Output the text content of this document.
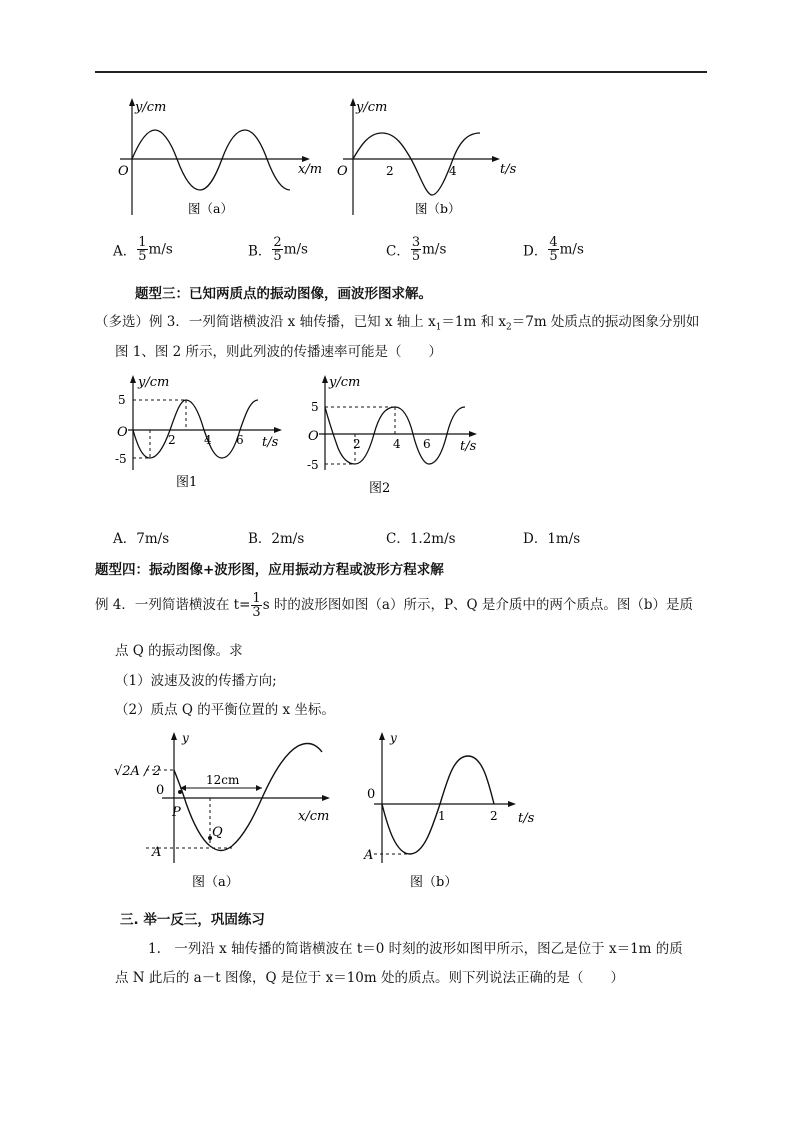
y/cm
O	x/m
图（a）
y/cm
O	2	4	t/s
图（b）
A． $\frac{1}{5} m/s$	B． $\frac{2}{5} m/s$	C． $\frac{3}{5} m/s$	D． $\frac{4}{5} m/s$
题型三：已知两质点的振动图像，画波形图求解。
（多选）例 3．一列简谐横波沿 x 轴传播，已知 x 轴上 $x_1=1m$ 和 $x_2=7m$ 处质点的振动图象分别如
图 1、图 2 所示，则此列波的传播速率可能是（　　）
y/cm
5
O
-5
2 4 6 t/s
图1
y/cm
5
O
-5
2	4 6 t/s
图2
A．7m/s	B．2m/s	C．1.2m/s	D．1m/s
题型四：振动图像+波形图，应用振动方程或波形方程求解
例 4．一列简谐横波在 $t= \frac{1}{3}$ s 时的波形图如图（a）所示，P、Q 是介质中的两个质点。图（b）是质
点 Q 的振动图像。求
（1）波速及波的传播方向;
（2）质点 Q 的平衡位置的 x 坐标。
y
√2A / 2
0
P
Q
12cm
A
x/cm
图（a）
y
0
A
1	2 t/s
图（b）
三. 举一反三，巩固练习
1.　一列沿 x 轴传播的简谐横波在 t＝0 时刻的波形如图甲所示，图乙是位于 x＝1m 的质
点 N 此后的 a－t 图像，Q 是位于 x＝10m 处的质点。则下列说法正确的是（　　）
